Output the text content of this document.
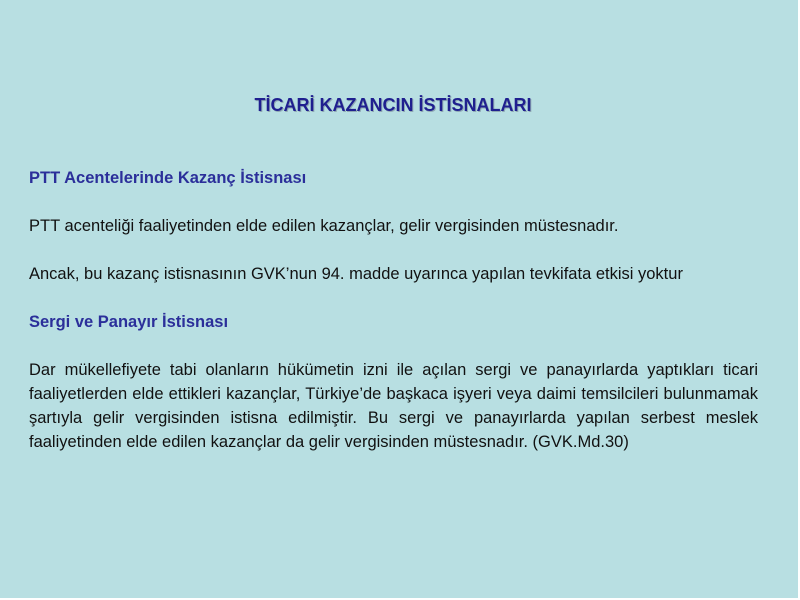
TİCARİ KAZANCIN İSTİSNALARI

PTT Acentelerinde Kazanç İstisnası

PTT acenteliği faaliyetinden elde edilen kazançlar, gelir vergisinden müstesnadır.

Ancak, bu kazanç istisnasının GVK’nun 94. madde uyarınca yapılan tevkifata etkisi yoktur

Sergi ve Panayır İstisnası

Dar mükellefiyete tabi olanların hükümetin izni ile açılan sergi ve panayırlarda yaptıkları ticari faaliyetlerden elde ettikleri kazançlar, Türkiye’de başkaca işyeri veya daimi temsilcileri bulunmamak şartıyla gelir vergisinden istisna edilmiştir. Bu sergi ve panayırlarda yapılan serbest meslek faaliyetinden elde edilen kazançlar da gelir vergisinden müstesnadır. (GVK.Md.30)
